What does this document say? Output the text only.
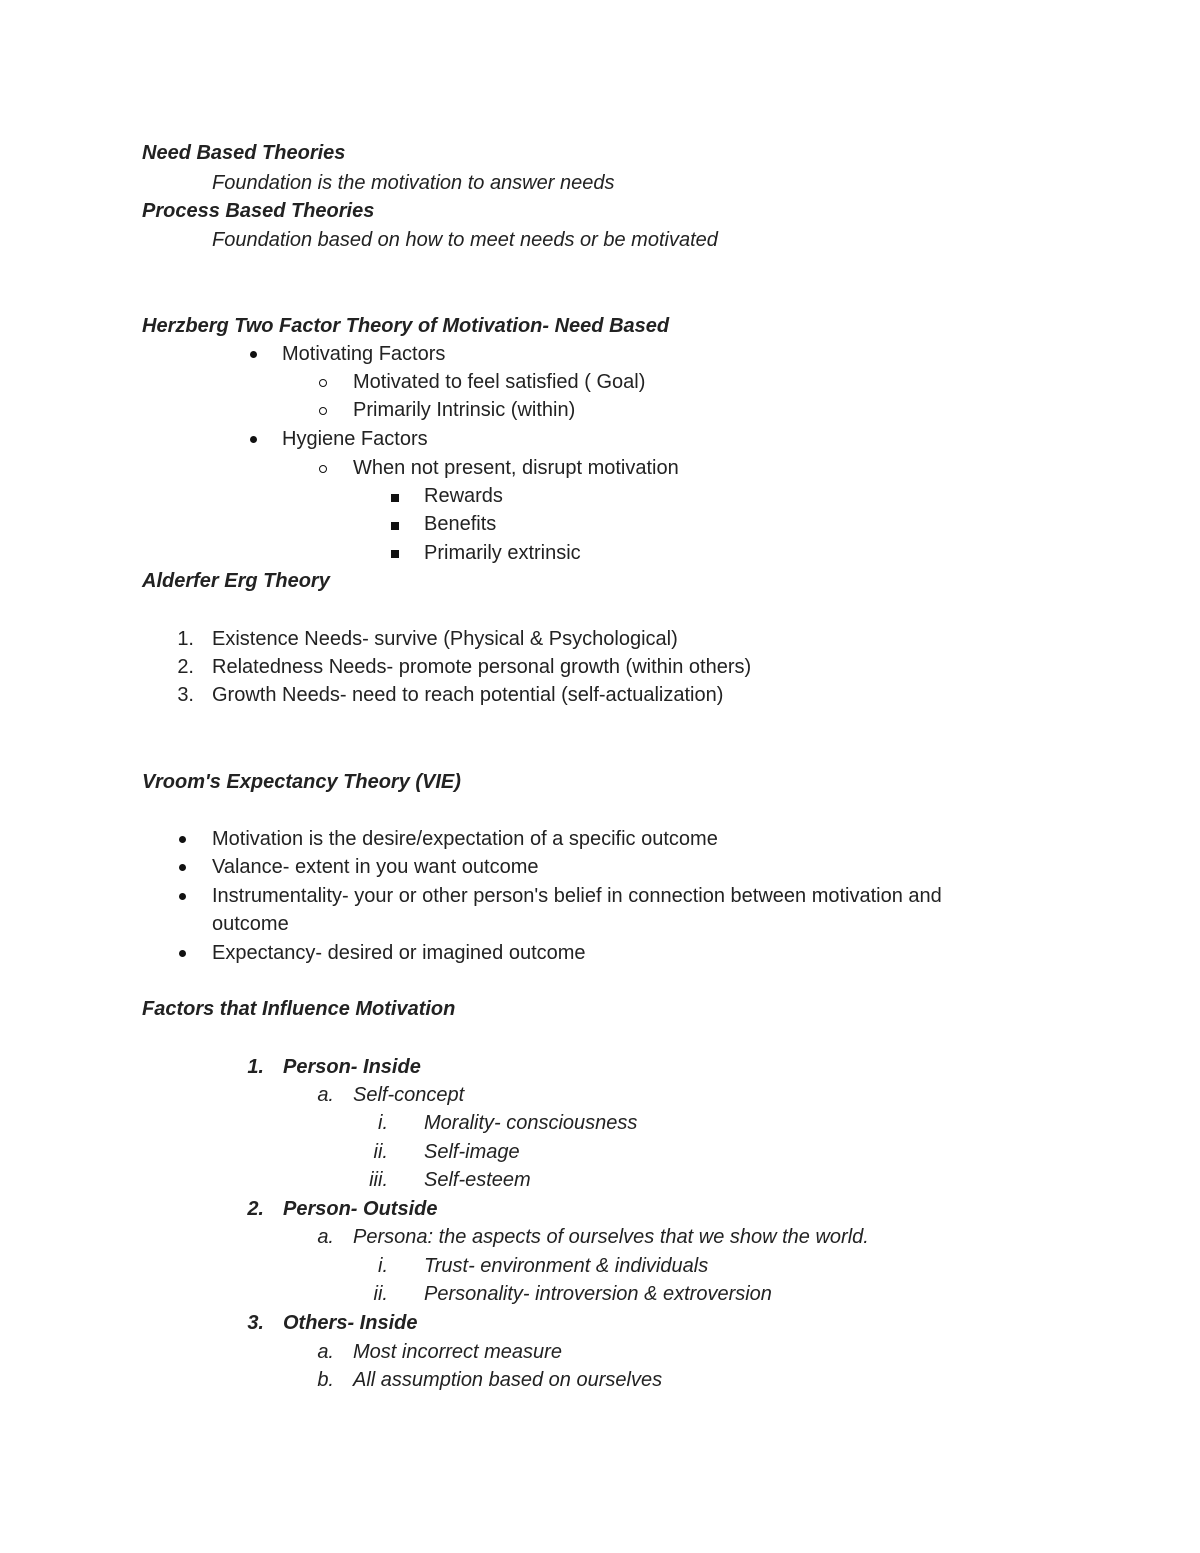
Need Based Theories
Foundation is the motivation to answer needs
Process Based Theories
Foundation based on how to meet needs or be motivated
Herzberg Two Factor Theory of Motivation- Need Based
Motivating Factors
Motivated to feel satisfied ( Goal)
Primarily Intrinsic (within)
Hygiene Factors
When not present, disrupt motivation
Rewards
Benefits
Primarily extrinsic
Alderfer Erg Theory
1. Existence Needs- survive (Physical & Psychological)
2. Relatedness Needs- promote personal growth (within others)
3. Growth Needs- need to reach potential (self-actualization)
Vroom's Expectancy Theory (VIE)
Motivation is the desire/expectation of a specific outcome
Valance- extent in you want outcome
Instrumentality- your or other person's belief in connection between motivation and
outcome
Expectancy- desired or imagined outcome
Factors that Influence Motivation
1. Person- Inside
a. Self-concept
i. Morality- consciousness
ii. Self-image
iii. Self-esteem
2. Person- Outside
a. Persona: the aspects of ourselves that we show the world.
i. Trust- environment & individuals
ii. Personality- introversion & extroversion
3. Others- Inside
a. Most incorrect measure
b. All assumption based on ourselves
